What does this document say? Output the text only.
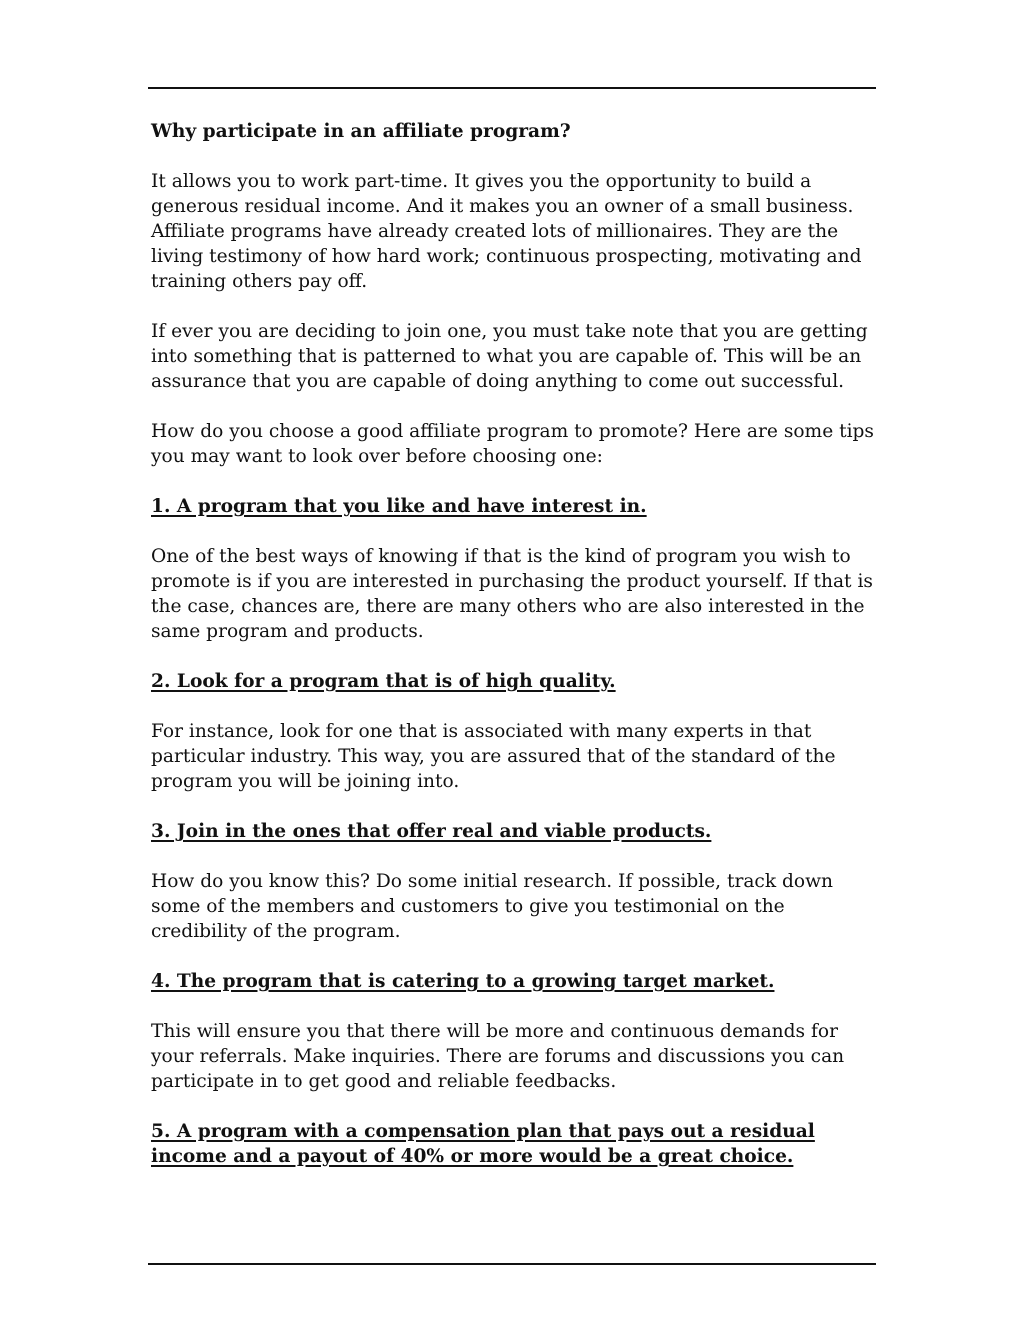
Why participate in an affiliate program?

It allows you to work part-time. It gives you the opportunity to build a generous residual income. And it makes you an owner of a small business. Affiliate programs have already created lots of millionaires. They are the living testimony of how hard work; continuous prospecting, motivating and training others pay off.

If ever you are deciding to join one, you must take note that you are getting into something that is patterned to what you are capable of. This will be an assurance that you are capable of doing anything to come out successful.

How do you choose a good affiliate program to promote? Here are some tips you may want to look over before choosing one:

1. A program that you like and have interest in.

One of the best ways of knowing if that is the kind of program you wish to promote is if you are interested in purchasing the product yourself. If that is the case, chances are, there are many others who are also interested in the same program and products.

2. Look for a program that is of high quality.

For instance, look for one that is associated with many experts in that particular industry. This way, you are assured that of the standard of the program you will be joining into.

3. Join in the ones that offer real and viable products.

How do you know this? Do some initial research. If possible, track down some of the members and customers to give you testimonial on the credibility of the program.

4. The program that is catering to a growing target market.

This will ensure you that there will be more and continuous demands for your referrals. Make inquiries. There are forums and discussions you can participate in to get good and reliable feedbacks.

5. A program with a compensation plan that pays out a residual income and a payout of 40% or more would be a great choice.
